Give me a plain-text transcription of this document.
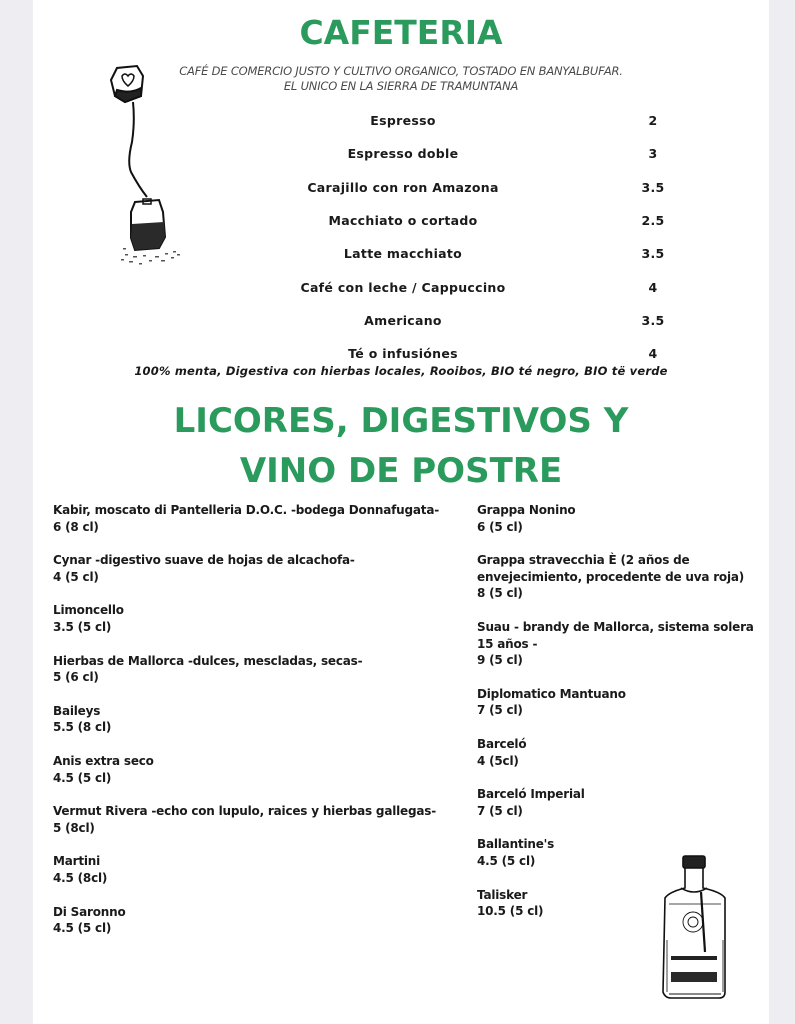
CAFETERIA
CAFÉ DE COMERCIO JUSTO Y CULTIVO ORGANICO, TOSTADO EN BANYALBUFAR.
EL UNICO EN LA SIERRA DE TRAMUNTANA
Espresso	2
Espresso doble	3
Carajillo con ron Amazona	3.5
Macchiato o cortado	2.5
Latte macchiato	3.5
Café con leche / Cappuccino	4
Americano	3.5
Té o infusiónes	4
100% menta, Digestiva con hierbas locales, Rooibos, BIO té negro, BIO të verde
LICORES, DIGESTIVOS Y
VINO DE POSTRE
Kabir, moscato di Pantelleria D.O.C. -bodega Donnafugata-
6 (8 cl)
Cynar -digestivo suave de hojas de alcachofa-
4 (5 cl)
Limoncello
3.5 (5 cl)
Hierbas de Mallorca -dulces, mescladas, secas-
5 (6 cl)
Baileys
5.5 (8 cl)
Anis extra seco
4.5 (5 cl)
Vermut Rivera -echo con lupulo, raices y hierbas gallegas-
5 (8cl)
Martini
4.5 (8cl)
Di Saronno
4.5 (5 cl)
Grappa Nonino
6 (5 cl)
Grappa stravecchia È (2 años de envejecimiento, procedente de uva roja)
8 (5 cl)
Suau - brandy de Mallorca, sistema solera 15 años -
9 (5 cl)
Diplomatico Mantuano
7 (5 cl)
Barceló
4 (5cl)
Barceló Imperial
7 (5 cl)
Ballantine's
4.5 (5 cl)
Talisker
10.5 (5 cl)
